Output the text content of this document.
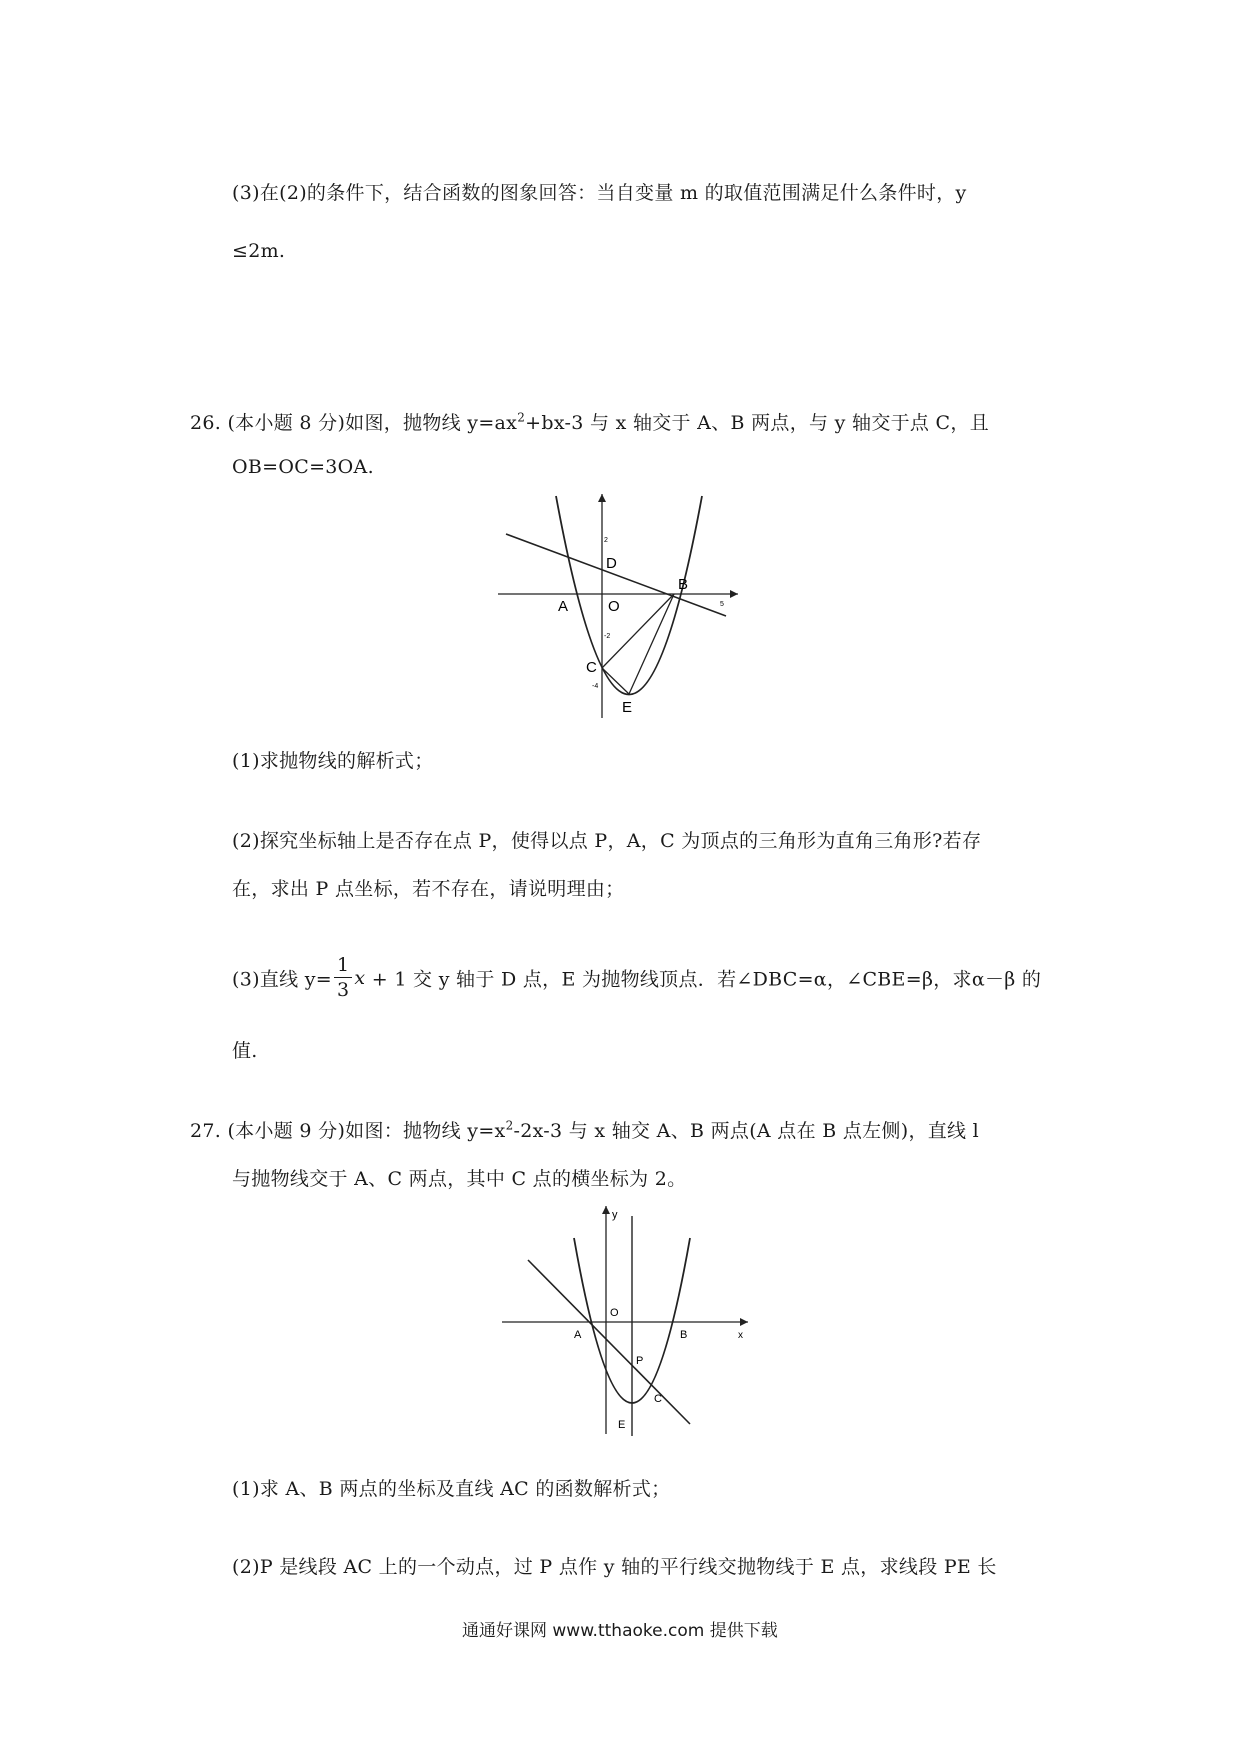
(3)在(2)的条件下，结合函数的图象回答：当自变量 m 的取值范围满足什么条件时，y
≤2m.
26. (本小题 8 分)如图，抛物线 $y=ax^2+bx-3$ 与 x 轴交于 A、B 两点，与 y 轴交于点 C，且
OB=OC=3OA.
D
B
A	O
C
E
2
5
-2
-4
(1)求抛物线的解析式；
(2)探究坐标轴上是否存在点 P，使得以点 P，A，C 为顶点的三角形为直角三角形?若存
在，求出 P 点坐标，若不存在，请说明理由；
(3)直线 $y= \frac{1}{3}$ x + 1 交 y 轴于 D 点，E 为抛物线顶点．若∠DBC=α，∠CBE=β，求α－β 的
值.
27. (本小题 9 分)如图：抛物线 $y=x^2-2x-3$ 与 x 轴交 A、B 两点(A 点在 B 点左侧)，直线 l
与抛物线交于 A、C 两点，其中 C 点的横坐标为 2。
y
x
O
A	B
P
C
E
(1)求 A、B 两点的坐标及直线 AC 的函数解析式；
(2)P 是线段 AC 上的一个动点，过 P 点作 y 轴的平行线交抛物线于 E 点，求线段 PE 长
通通好课网 www.tthaoke.com 提供下载
